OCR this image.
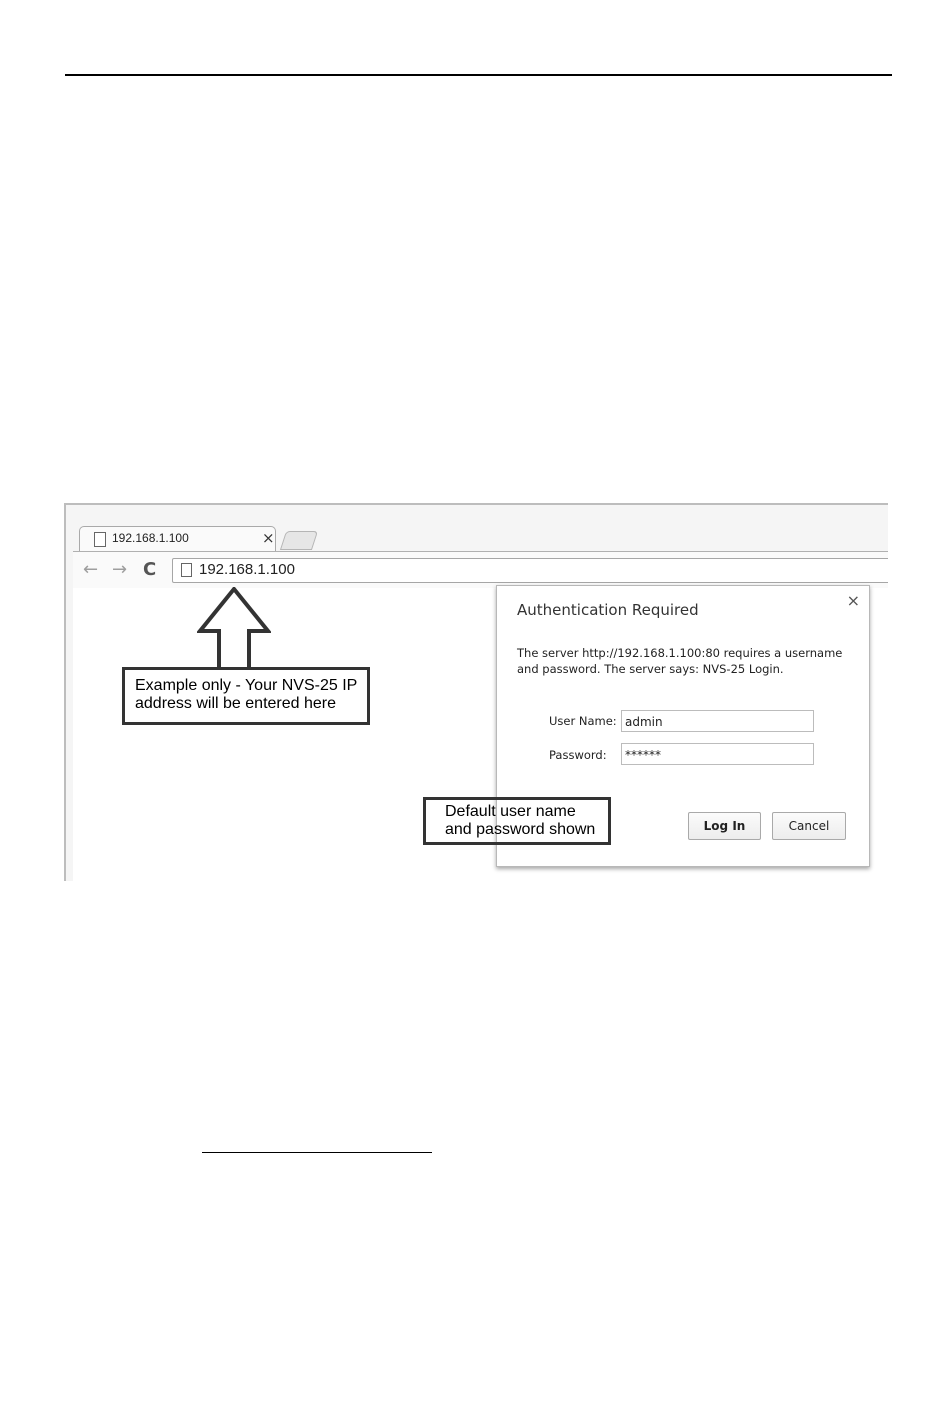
192.168.1.100	×
← → C	192.168.1.100
Example only - Your NVS-25 IP
address will be entered here
Authentication Required	×
The server http://192.168.1.100:80 requires a username and password. The server says: NVS-25 Login.
User Name: admin
Password:	******
Log In	Cancel
Default user name
and password shown
